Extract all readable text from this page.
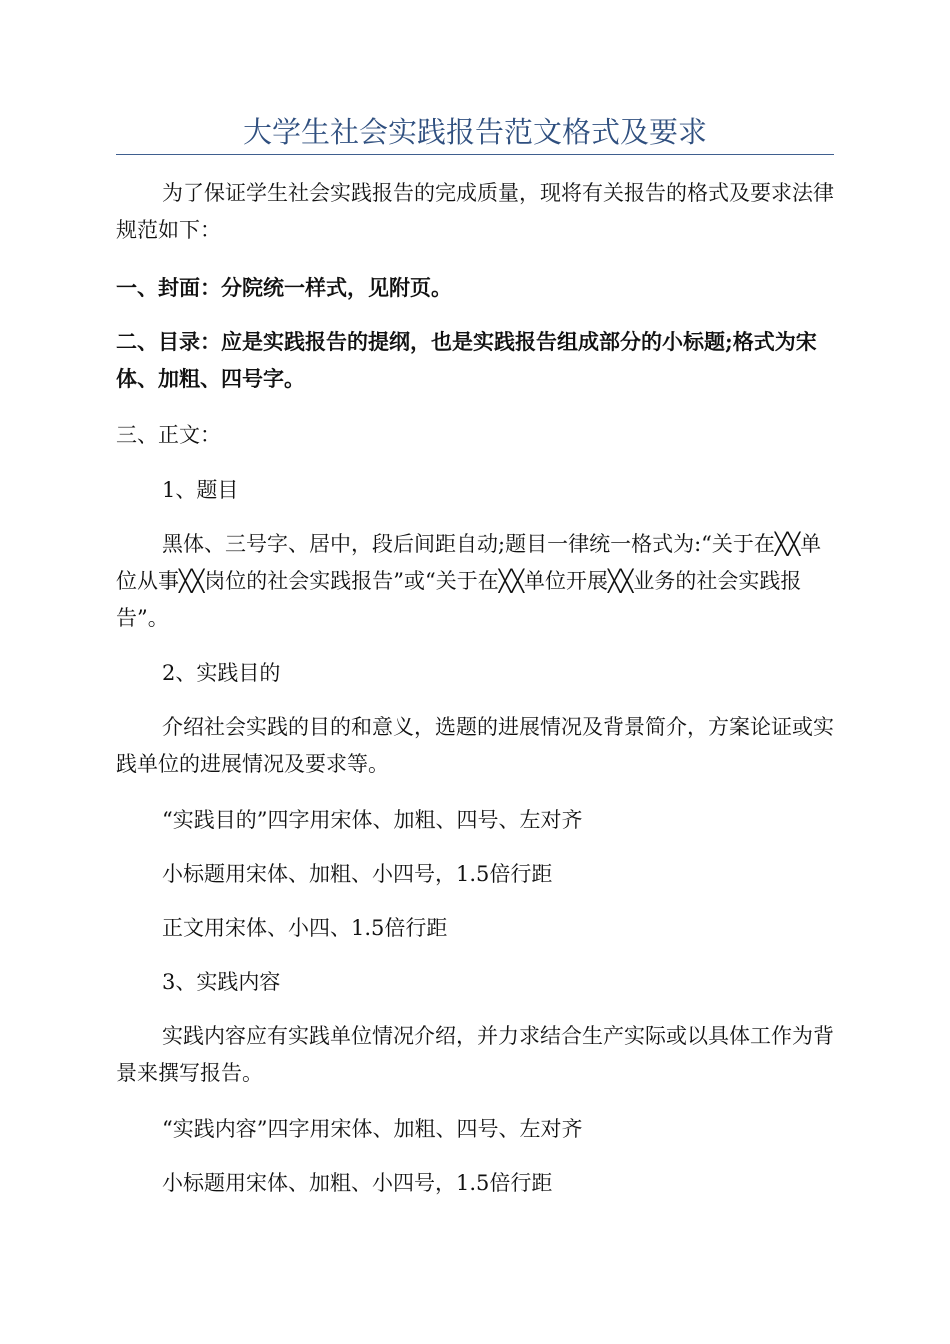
大学生社会实践报告范文格式及要求

为了保证学生社会实践报告的完成质量，现将有关报告的格式及要求法律规范如下：

一、封面：分院统一样式，见附页。

二、目录：应是实践报告的提纲，也是实践报告组成部分的小标题;格式为宋体、加粗、四号字。

三、正文：

1、题目

黑体、三号字、居中，段后间距自动;题目一律统一格式为:“关于在╳╳单位从事╳╳岗位的社会实践报告”或“关于在╳╳单位开展╳╳业务的社会实践报告”。

2、实践目的

介绍社会实践的目的和意义，选题的进展情况及背景简介，方案论证或实践单位的进展情况及要求等。

“实践目的”四字用宋体、加粗、四号、左对齐

小标题用宋体、加粗、小四号，1.5倍行距

正文用宋体、小四、1.5倍行距

3、实践内容

实践内容应有实践单位情况介绍，并力求结合生产实际或以具体工作为背景来撰写报告。

“实践内容”四字用宋体、加粗、四号、左对齐

小标题用宋体、加粗、小四号，1.5倍行距
